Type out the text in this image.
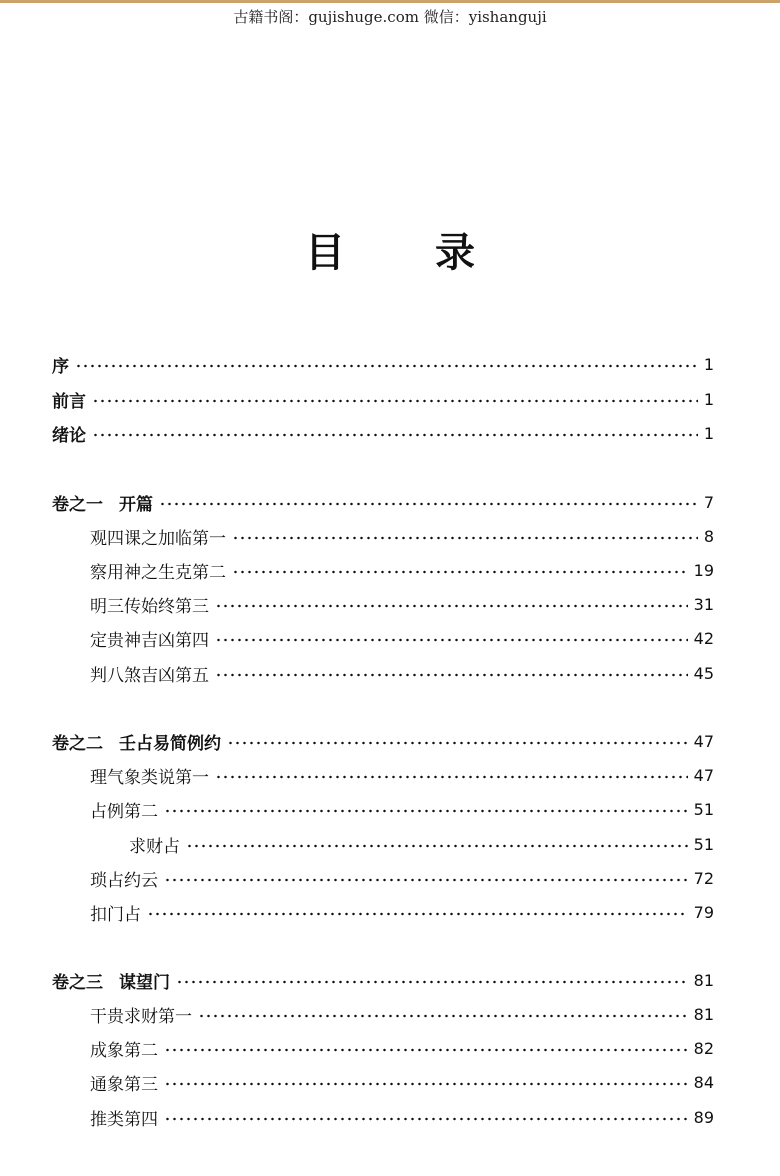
古籍书阁：gujishuge.com 微信：yishanguji
目 录
序	1
前言	1
绪论	1
卷之一 开篇	7
观四课之加临第一	8
察用神之生克第二	19
明三传始终第三	31
定贵神吉凶第四	42
判八煞吉凶第五	45
卷之二 壬占易简例约	47
理气象类说第一	47
占例第二	51
求财占	51
琐占约云	72
扣门占	79
卷之三 谋望门	81
干贵求财第一	81
成象第二	82
通象第三	84
推类第四	89
